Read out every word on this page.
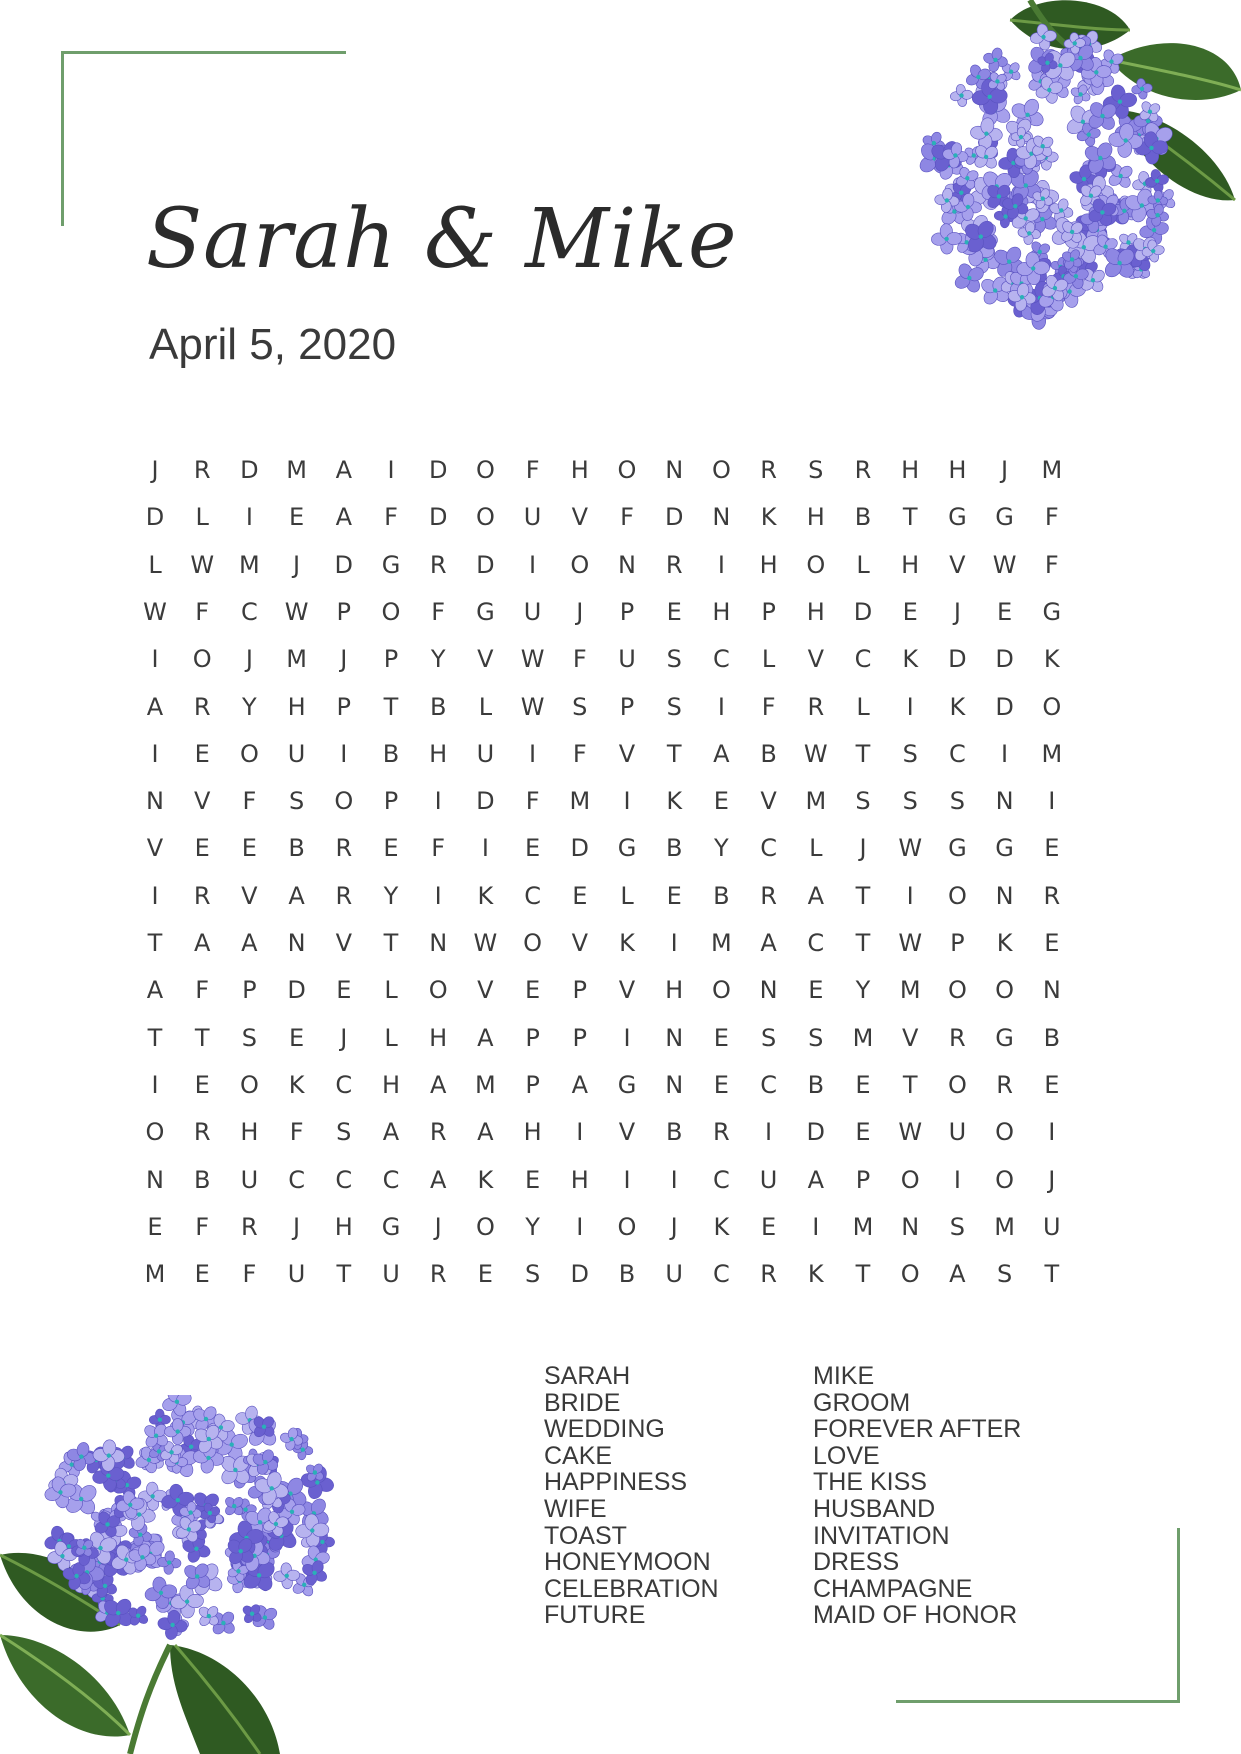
Sarah & Mike
April 5, 2020
J	R	D	M	A	I	D	O	F	H	O	N	O	R	S	R	H	H	J	M
D	L	I	E	A	F	D	O	U	V	F	D	N	K	H	B	T	G	G	F
L	W	M	J	D	G	R	D	I	O	N	R	I	H	O	L	H	V	W	F
W	F	C	W	P	O	F	G	U	J	P	E	H	P	H	D	E	J	E	G
I	O	J	M	J	P	Y	V	W	F	U	S	C	L	V	C	K	D	D	K
A	R	Y	H	P	T	B	L	W	S	P	S	I	F	R	L	I	K	D	O
I	E	O	U	I	B	H	U	I	F	V	T	A	B	W	T	S	C	I	M
N	V	F	S	O	P	I	D	F	M	I	K	E	V	M	S	S	S	N	I
V	E	E	B	R	E	F	I	E	D	G	B	Y	C	L	J	W	G	G	E
I	R	V	A	R	Y	I	K	C	E	L	E	B	R	A	T	I	O	N	R
T	A	A	N	V	T	N	W	O	V	K	I	M	A	C	T	W	P	K	E
A	F	P	D	E	L	O	V	E	P	V	H	O	N	E	Y	M	O	O	N
T	T	S	E	J	L	H	A	P	P	I	N	E	S	S	M	V	R	G	B
I	E	O	K	C	H	A	M	P	A	G	N	E	C	B	E	T	O	R	E
O	R	H	F	S	A	R	A	H	I	V	B	R	I	D	E	W	U	O	I
N	B	U	C	C	C	A	K	E	H	I	I	C	U	A	P	O	I	O	J
E	F	R	J	H	G	J	O	Y	I	O	J	K	E	I	M	N	S	M	U
M	E	F	U	T	U	R	E	S	D	B	U	C	R	K	T	O	A	S	T
SARAH
BRIDE
WEDDING
CAKE
HAPPINESS
WIFE
TOAST
HONEYMOON
CELEBRATION
FUTURE
MIKE
GROOM
FOREVER AFTER
LOVE
THE KISS
HUSBAND
INVITATION
DRESS
CHAMPAGNE
MAID OF HONOR
